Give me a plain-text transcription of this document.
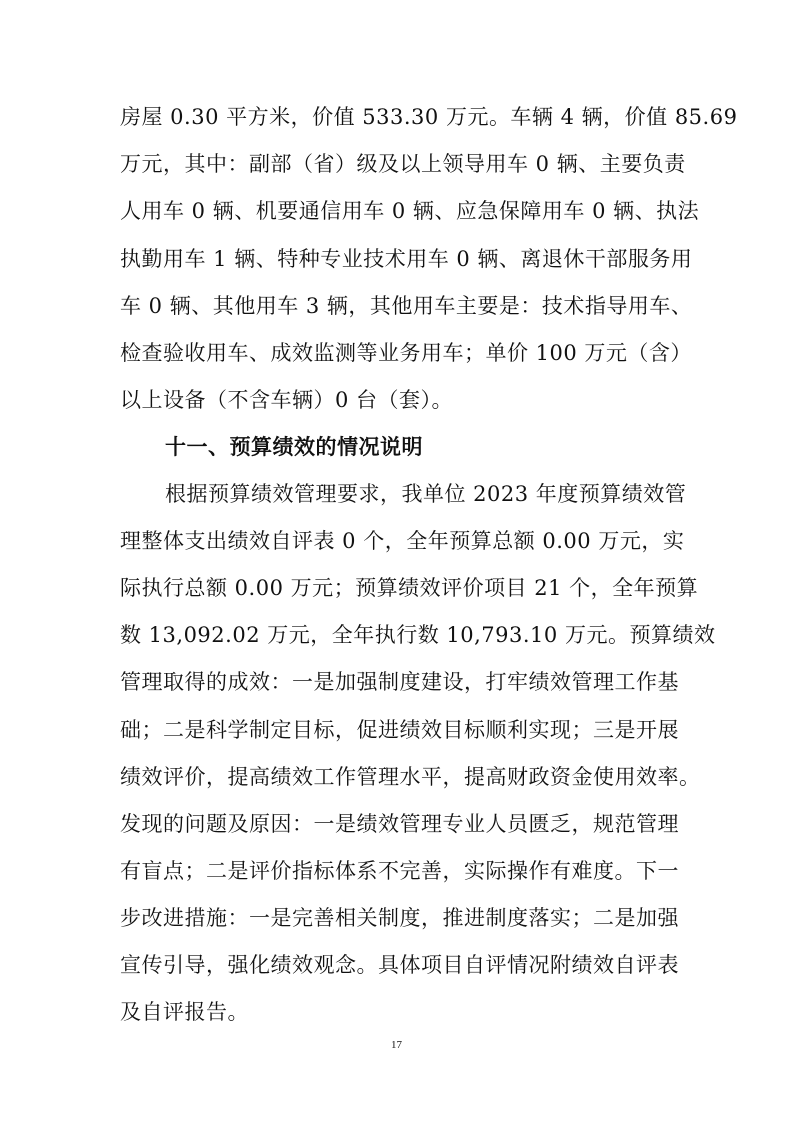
房屋 0.30 平方米，价值 533.30 万元。车辆 4 辆，价值 85.69
万元，其中：副部（省）级及以上领导用车 0 辆、主要负责
人用车 0 辆、机要通信用车 0 辆、应急保障用车 0 辆、执法
执勤用车 1 辆、特种专业技术用车 0 辆、离退休干部服务用
车 0 辆、其他用车 3 辆，其他用车主要是：技术指导用车、
检查验收用车、成效监测等业务用车；单价 100 万元（含）
以上设备（不含车辆）0 台（套）。
十一、预算绩效的情况说明
根据预算绩效管理要求，我单位 2023 年度预算绩效管
理整体支出绩效自评表 0 个，全年预算总额 0.00 万元，实
际执行总额 0.00 万元；预算绩效评价项目 21 个，全年预算
数 13,092.02 万元，全年执行数 10,793.10 万元。预算绩效
管理取得的成效：一是加强制度建设，打牢绩效管理工作基
础；二是科学制定目标，促进绩效目标顺利实现；三是开展
绩效评价，提高绩效工作管理水平，提高财政资金使用效率。
发现的问题及原因：一是绩效管理专业人员匮乏，规范管理
有盲点；二是评价指标体系不完善，实际操作有难度。下一
步改进措施：一是完善相关制度，推进制度落实；二是加强
宣传引导，强化绩效观念。具体项目自评情况附绩效自评表
及自评报告。
17
